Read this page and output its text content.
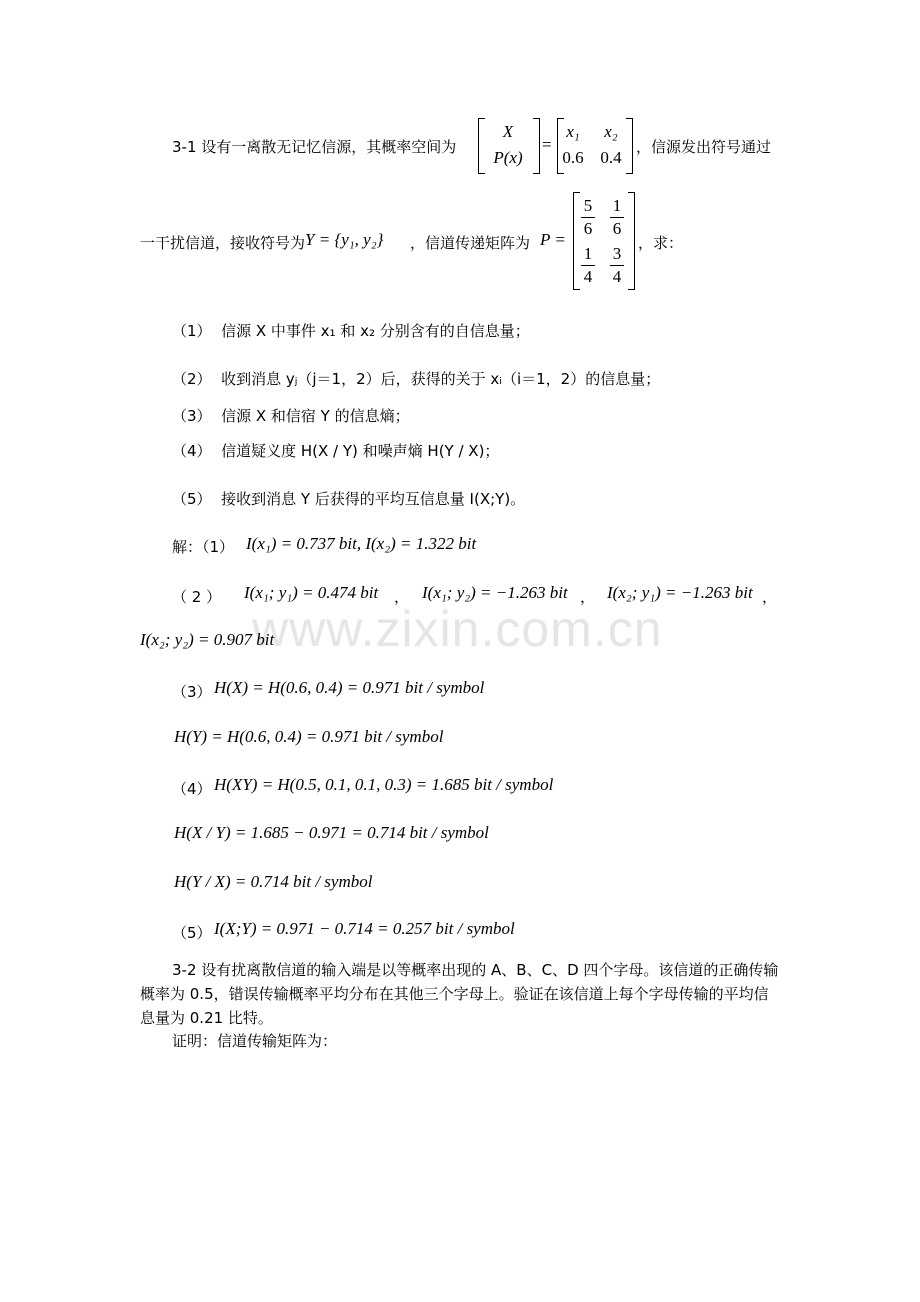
www.zixin.com.cn
3-1 设有一离散无记忆信源，其概率空间为
X
P(x)
=
x₁	x₂
0.6 0.4
，信源发出符号通过
一干扰信道，接收符号为 Y = {y₁, y₂} ，信道传递矩阵为 P =
5
6
1
6
1
4
3
4
，求：
（1） 信源 X 中事件 x₁ 和 x₂ 分别含有的自信息量；
（2） 收到消息 yⱼ（j＝1，2）后，获得的关于 xᵢ（i＝1，2）的信息量；
（3） 信源 X 和信宿 Y 的信息熵；
（4） 信道疑义度 H(X / Y) 和噪声熵 H(Y / X)；
（5） 接收到消息 Y 后获得的平均互信息量 I(X;Y)。
解：（1） I(x₁) = 0.737 bit, I(x₂) = 1.322 bit
（ 2 ） I(x₁; y₁) = 0.474 bit ， I(x₁; y₂) = −1.263 bit ， I(x₂; y₁) = −1.263 bit ，
I(x₂; y₂) = 0.907 bit
（3） H(X) = H(0.6, 0.4) = 0.971 bit / symbol
H(Y) = H(0.6, 0.4) = 0.971 bit / symbol
（4） H(XY) = H(0.5, 0.1, 0.1, 0.3) = 1.685 bit / symbol
H(X / Y) = 1.685 − 0.971 = 0.714 bit / symbol
H(Y / X) = 0.714 bit / symbol
（5） I(X;Y) = 0.971 − 0.714 = 0.257 bit / symbol
3-2 设有扰离散信道的输入端是以等概率出现的 A、B、C、D 四个字母。该信道的正确传输概率为 0.5，错误传输概率平均分布在其他三个字母上。验证在该信道上每个字母传输的平均信息量为 0.21 比特。
证明：信道传输矩阵为：
